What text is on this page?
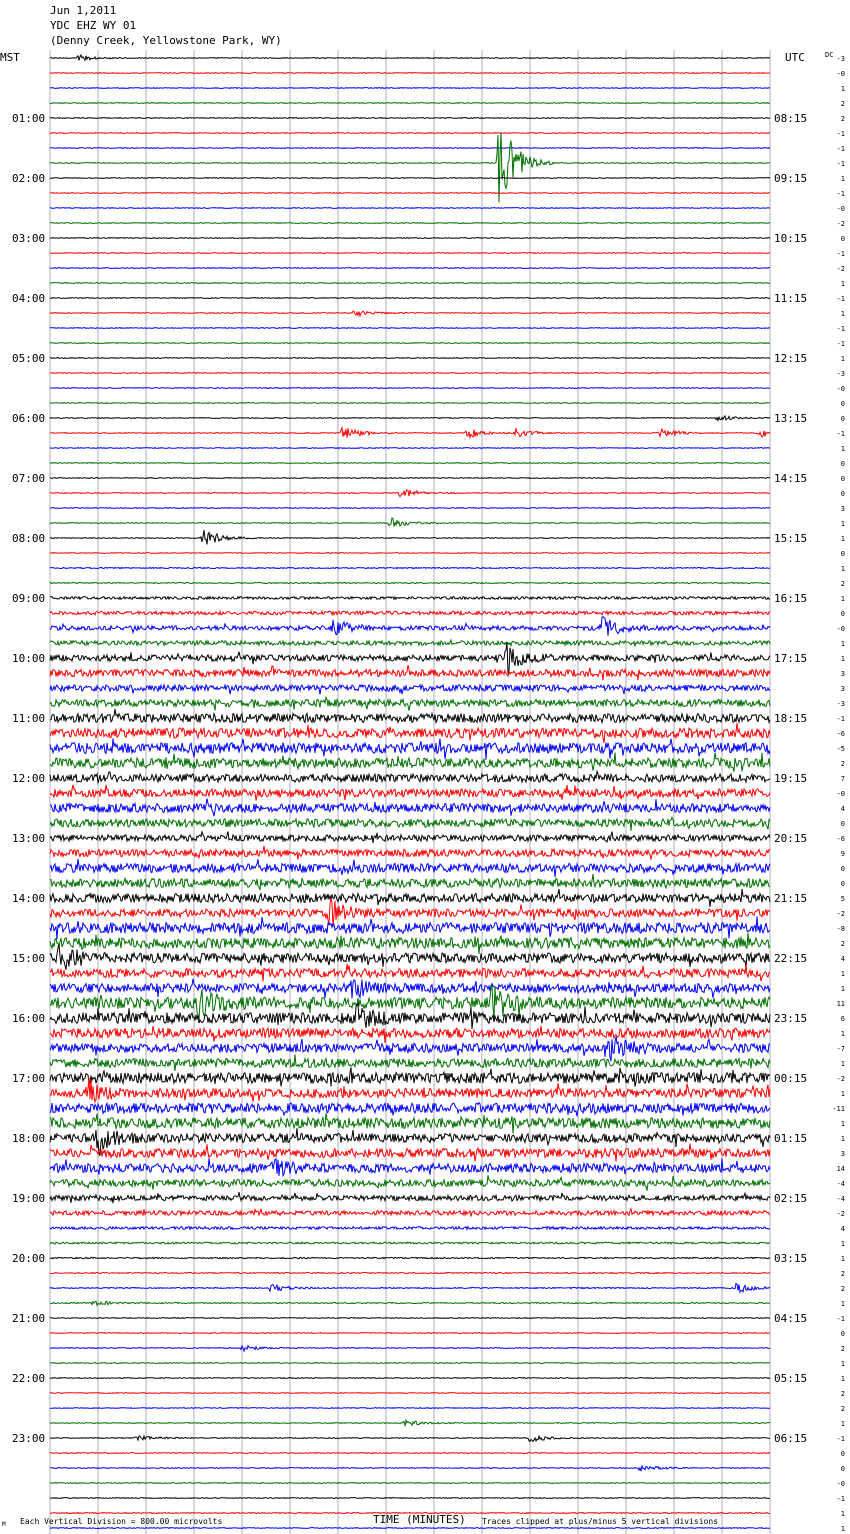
01:00
02:00
03:00
04:00
05:00
06:00
07:00
08:00
09:00
10:00
11:00
12:00
13:00
14:00
15:00
16:00
17:00
18:00
19:00
20:00
21:00
22:00
23:00
08:15
09:15
10:15
11:15
12:15
13:15
14:15
15:15
16:15
17:15
18:15
19:15
20:15
21:15
22:15
23:15
00:15
01:15
02:15
03:15
04:15
05:15
06:15
-3
-0
1
2
2
-1
-1
-1
1
-1
-0
-2
0
-1
-2
1
-1
1
-1
-1
1
-3
-0
0
0
-1
1
0
0
0
3
1
1
0
1
2
1
0
-0
1
1
3
3
-3
-1
-6
-5
2
7
-0
4
0
-6
9
0
0
5
-2
-8
2
4
1
1
11
6
1
-7
1
-2
1
-11
1
1
3
14
-4
-4
-2
4
1
1
2
2
1
-1
0
2
1
1
2
2
1
-1
0
0
-0
-1
1
1
MST	UTC	DC
TIME (MINUTES)
Each Vertical Division = 800.00 microvolts	Traces clipped at plus/minus 5 vertical divisions
M
Jun 1,2011
YDC EHZ WY 01
(Denny Creek, Yellowstone Park, WY)
